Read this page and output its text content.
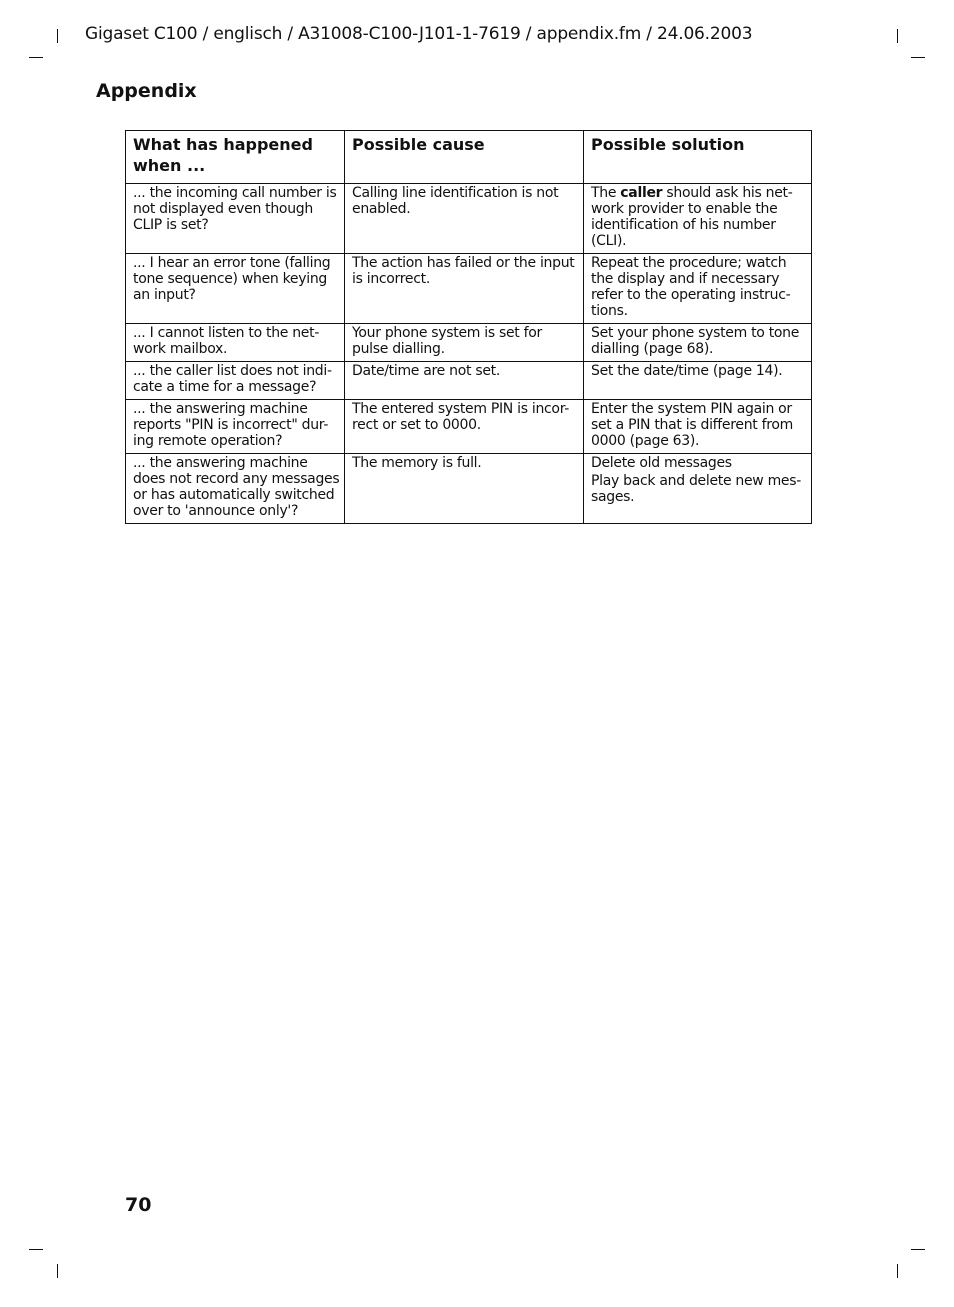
Gigaset C100 / englisch / A31008-C100-J101-1-7619 / appendix.fm / 24.06.2003
Appendix
What has happened when ...	Possible cause	Possible solution
... the incoming call number is not displayed even though CLIP is set?	Calling line identification is not enabled.	The caller should ask his net-work provider to enable the identification of his number (CLI).
... I hear an error tone (falling tone sequence) when keying an input?	The action has failed or the input is incorrect.	Repeat the procedure; watch the display and if necessary refer to the operating instruc-tions.
... I cannot listen to the net-work mailbox.	Your phone system is set for pulse dialling.	Set your phone system to tone dialling (page 68).
... the caller list does not indi-cate a time for a message?	Date/time are not set.	Set the date/time (page 14).
... the answering machine reports "PIN is incorrect" dur-ing remote operation?	The entered system PIN is incor-rect or set to 0000.	Enter the system PIN again or set a PIN that is different from 0000 (page 63).
... the answering machine does not record any messages or has automatically switched over to 'announce only'?	The memory is full.	Delete old messages
Play back and delete new mes-sages.
70
